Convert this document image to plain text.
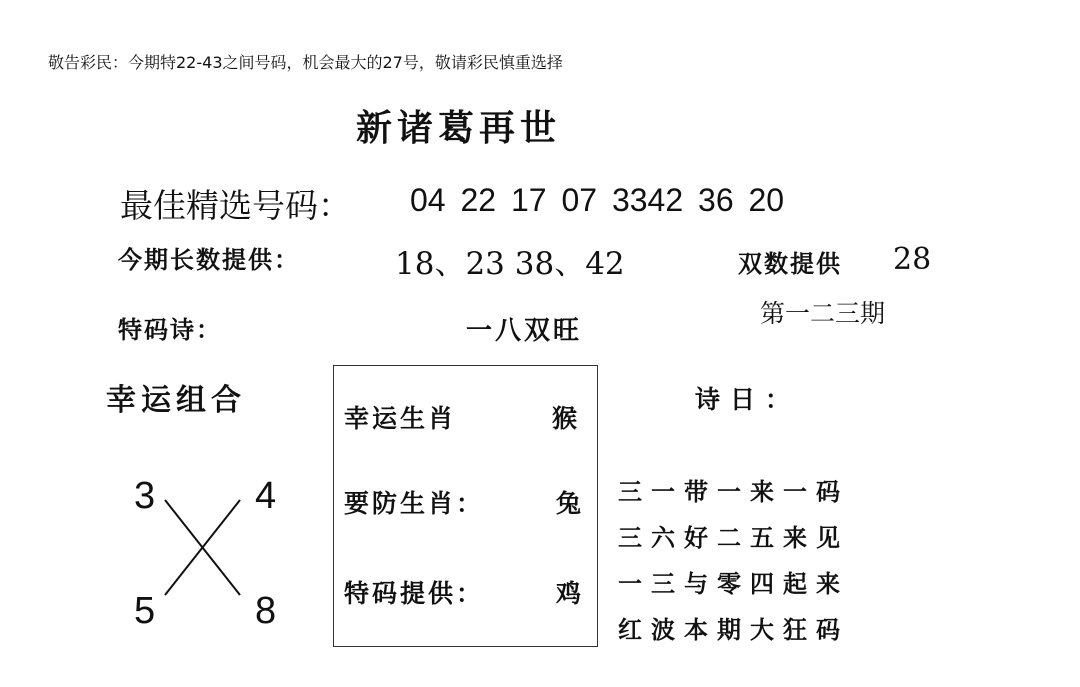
敬告彩民：今期特22-43之间号码，机会最大的27号，敬请彩民慎重选择
新诸葛再世
最佳精选号码： 04 22 17 07 3342 36 20
今期长数提供：	18、23 38、42	双数提供 28
第一二三期
特码诗：	一八双旺
幸运组合
3	4
5	8
幸运生肖	猴
要防生肖：	兔
特码提供：	鸡
诗日：
三一带一来一码
三六好二五来见
一三与零四起来
红波本期大狂码
